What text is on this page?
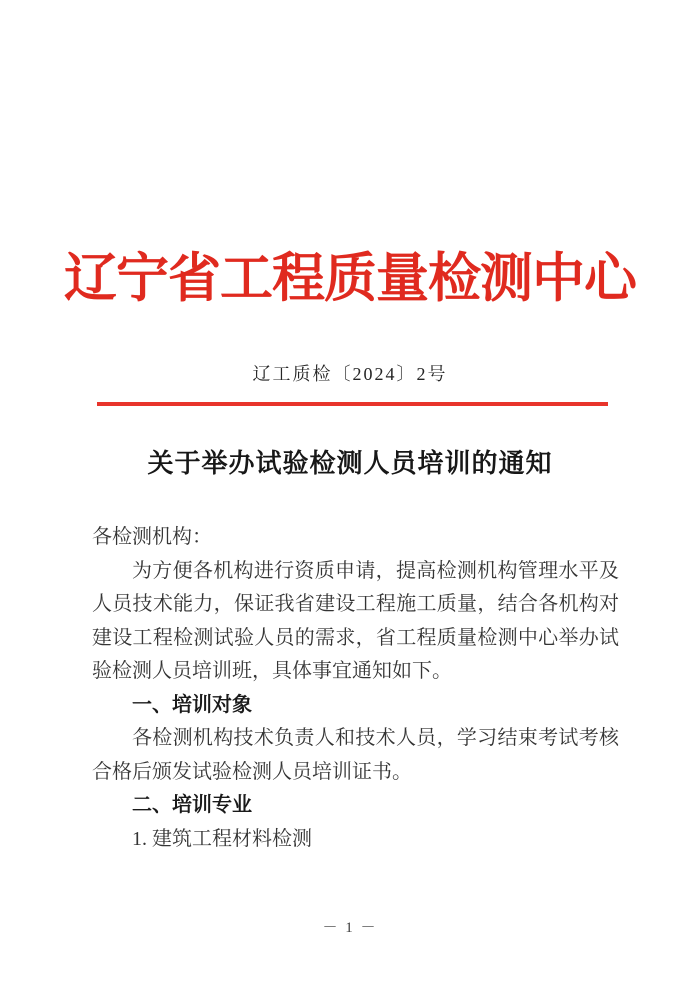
辽宁省工程质量检测中心
辽工质检〔2024〕2号
关于举办试验检测人员培训的通知

各检测机构：

为方便各机构进行资质申请，提高检测机构管理水平及人员技术能力，保证我省建设工程施工质量，结合各机构对建设工程检测试验人员的需求，省工程质量检测中心举办试验检测人员培训班，具体事宜通知如下。

一、培训对象

各检测机构技术负责人和技术人员，学习结束考试考核合格后颁发试验检测人员培训证书。

二、培训专业

1. 建筑工程材料检测

－ 1 －
